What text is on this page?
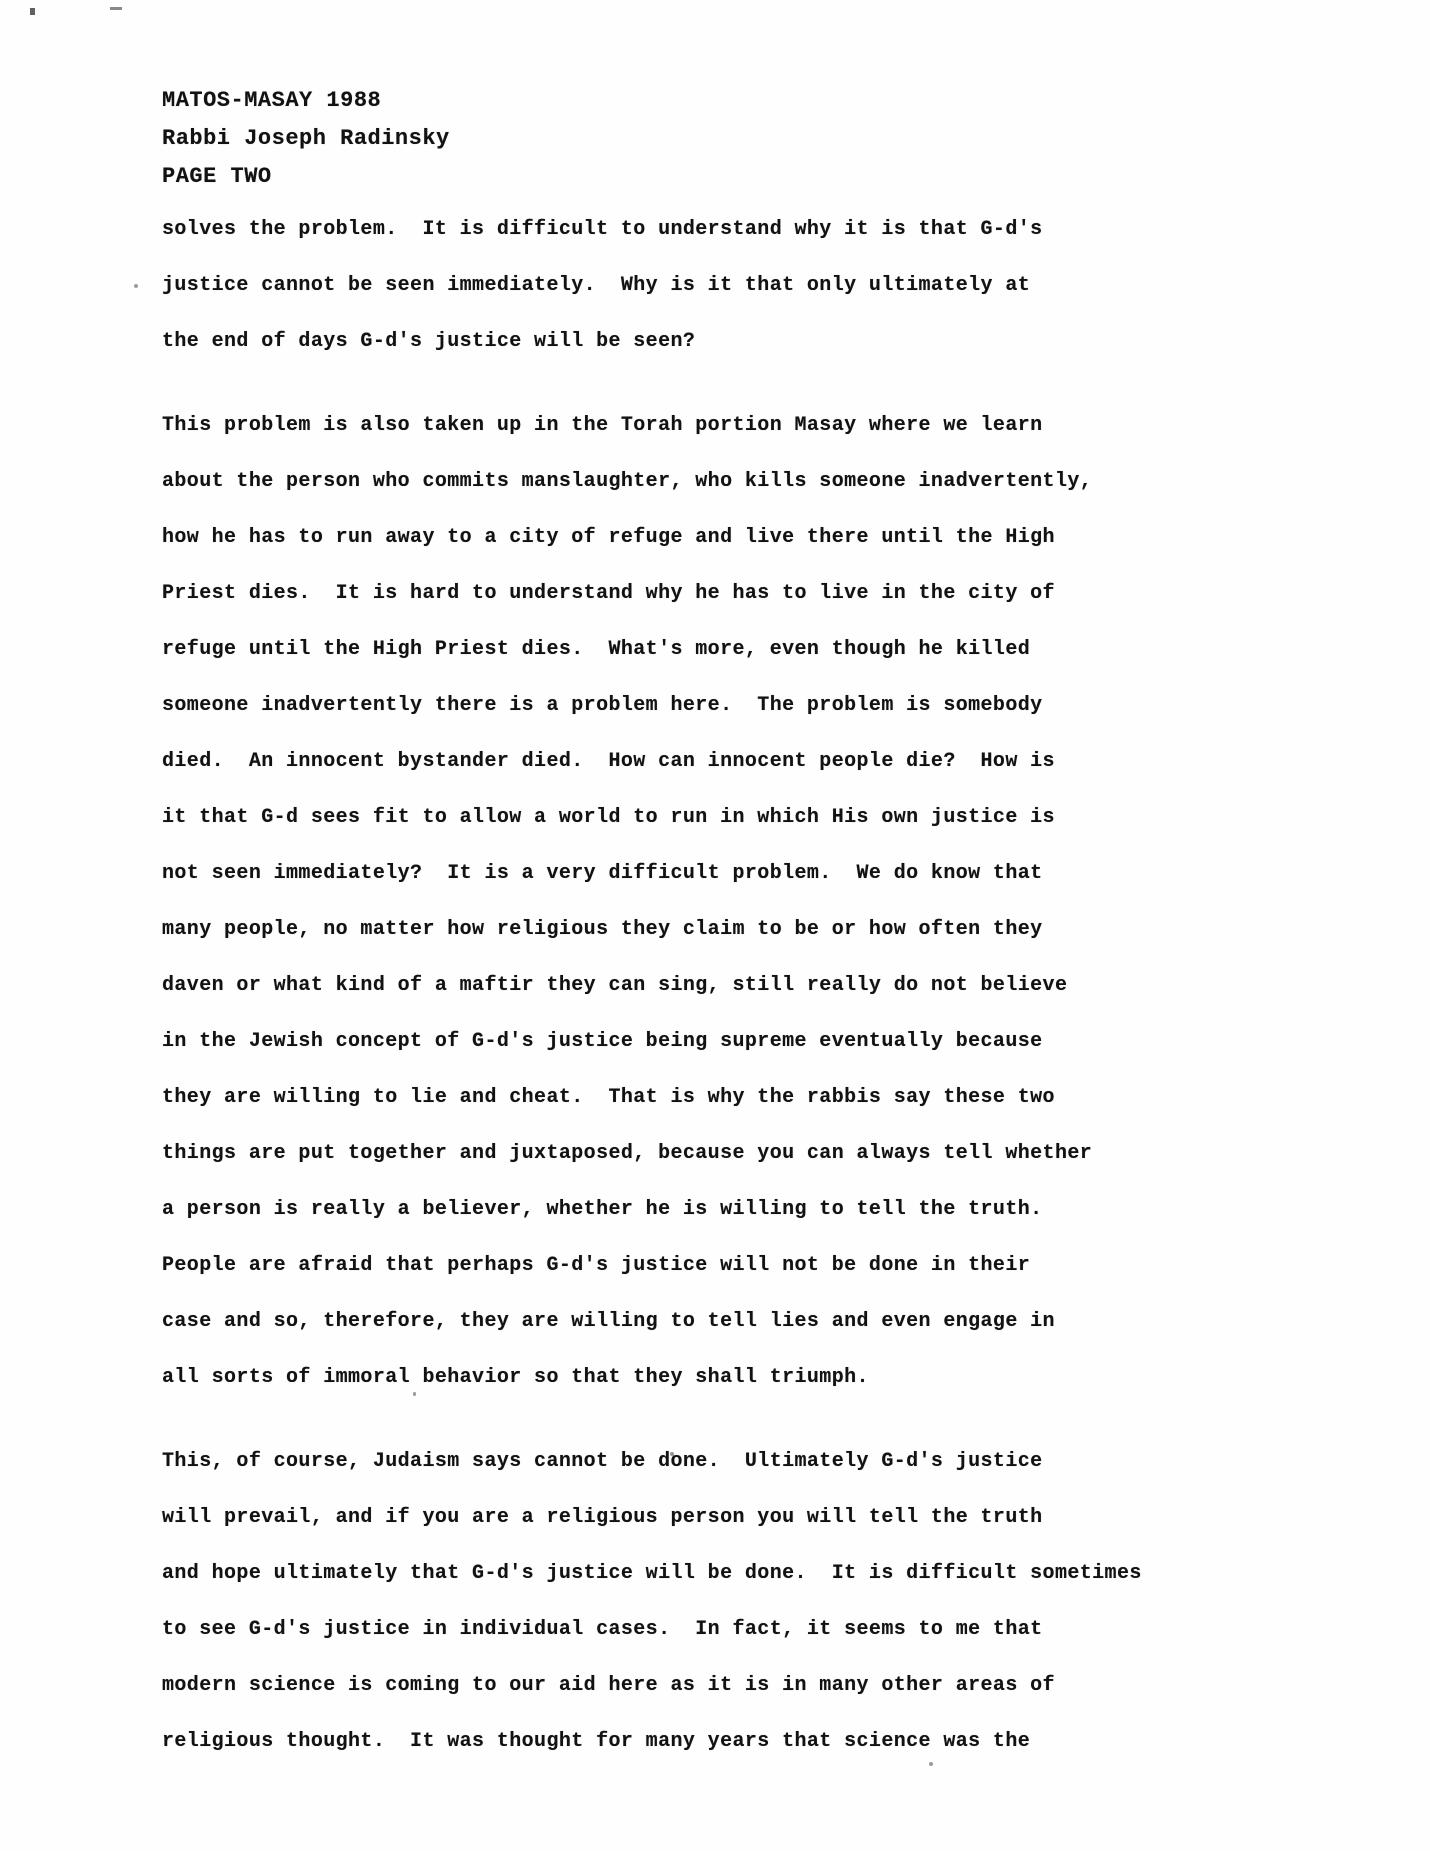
MATOS-MASAY 1988
Rabbi Joseph Radinsky
PAGE TWO
solves the problem.  It is difficult to understand why it is that G-d's
justice cannot be seen immediately.  Why is it that only ultimately at
the end of days G-d's justice will be seen?
This problem is also taken up in the Torah portion Masay where we learn
about the person who commits manslaughter, who kills someone inadvertently,
how he has to run away to a city of refuge and live there until the High
Priest dies.  It is hard to understand why he has to live in the city of
refuge until the High Priest dies.  What's more, even though he killed
someone inadvertently there is a problem here.  The problem is somebody
died.  An innocent bystander died.  How can innocent people die?  How is
it that G-d sees fit to allow a world to run in which His own justice is
not seen immediately?  It is a very difficult problem.  We do know that
many people, no matter how religious they claim to be or how often they
daven or what kind of a maftir they can sing, still really do not believe
in the Jewish concept of G-d's justice being supreme eventually because
they are willing to lie and cheat.  That is why the rabbis say these two
things are put together and juxtaposed, because you can always tell whether
a person is really a believer, whether he is willing to tell the truth.
People are afraid that perhaps G-d's justice will not be done in their
case and so, therefore, they are willing to tell lies and even engage in
all sorts of immoral behavior so that they shall triumph.
This, of course, Judaism says cannot be done.  Ultimately G-d's justice
will prevail, and if you are a religious person you will tell the truth
and hope ultimately that G-d's justice will be done.  It is difficult sometimes
to see G-d's justice in individual cases.  In fact, it seems to me that
modern science is coming to our aid here as it is in many other areas of
religious thought.  It was thought for many years that science was the
